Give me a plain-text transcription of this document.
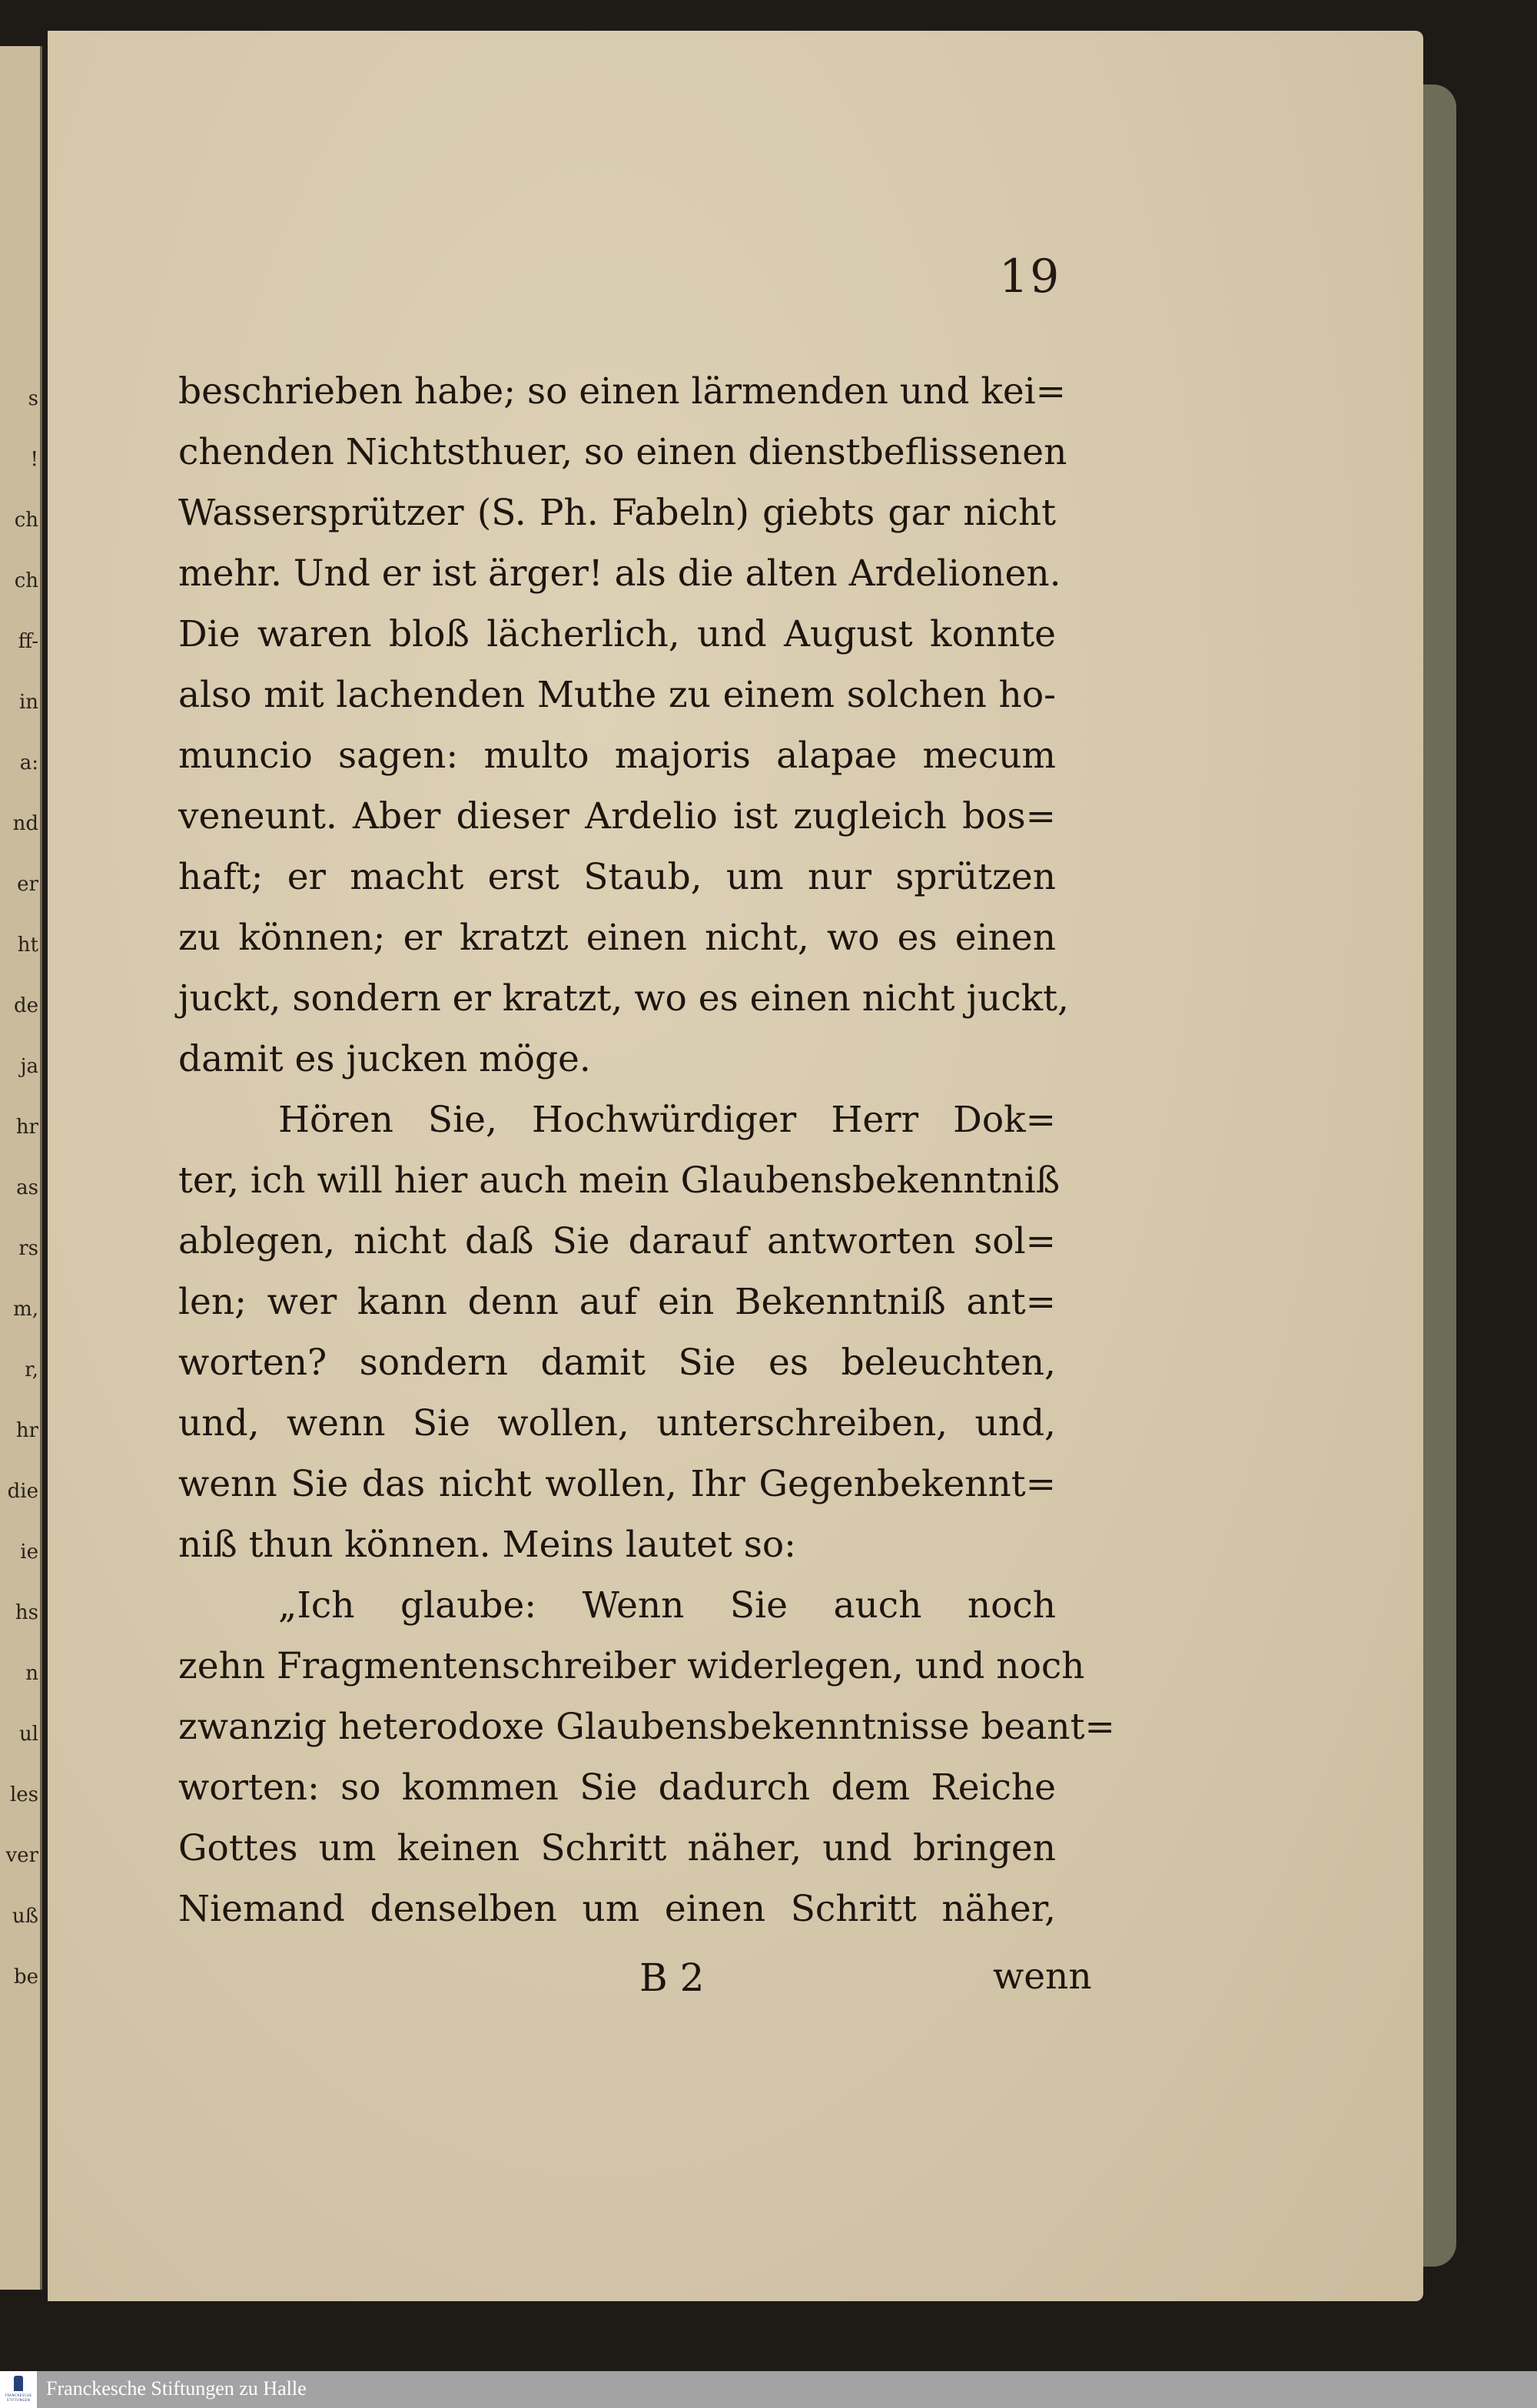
s
!
ch
ch
ff-
in
a:
nd
er
ht
de
ja
hr
as
rs
m,
r,
hr
die
ie
hs
n
ul
les
ver
uß
be
19
beschrieben habe; so einen lärmenden und kei=
chenden Nichtsthuer, so einen dienstbeflissenen
Wassersprützer (S. Ph. Fabeln) giebts gar nicht
mehr. Und er ist ärger! als die alten Ardelionen.
Die waren bloß lächerlich, und August konnte
also mit lachenden Muthe zu einem solchen ho-
muncio sagen: multo majoris alapae mecum
veneunt. Aber dieser Ardelio ist zugleich bos=
haft; er macht erst Staub, um nur sprützen
zu können; er kratzt einen nicht, wo es einen
juckt, sondern er kratzt, wo es einen nicht juckt,
damit es jucken möge.
Hören Sie, Hochwürdiger Herr Dok=
ter, ich will hier auch mein Glaubensbekenntniß
ablegen, nicht daß Sie darauf antworten sol=
len; wer kann denn auf ein Bekenntniß ant=
worten? sondern damit Sie es beleuchten,
und, wenn Sie wollen, unterschreiben, und,
wenn Sie das nicht wollen, Ihr Gegenbekennt=
niß thun können. Meins lautet so:
„Ich glaube: Wenn Sie auch noch
zehn Fragmentenschreiber widerlegen, und noch
zwanzig heterodoxe Glaubensbekenntnisse beant=
worten: so kommen Sie dadurch dem Reiche
Gottes um keinen Schritt näher, und bringen
Niemand denselben um einen Schritt näher,
B 2	wenn
FRANCKESCHE STIFTUNGEN
Franckesche Stiftungen zu Halle
